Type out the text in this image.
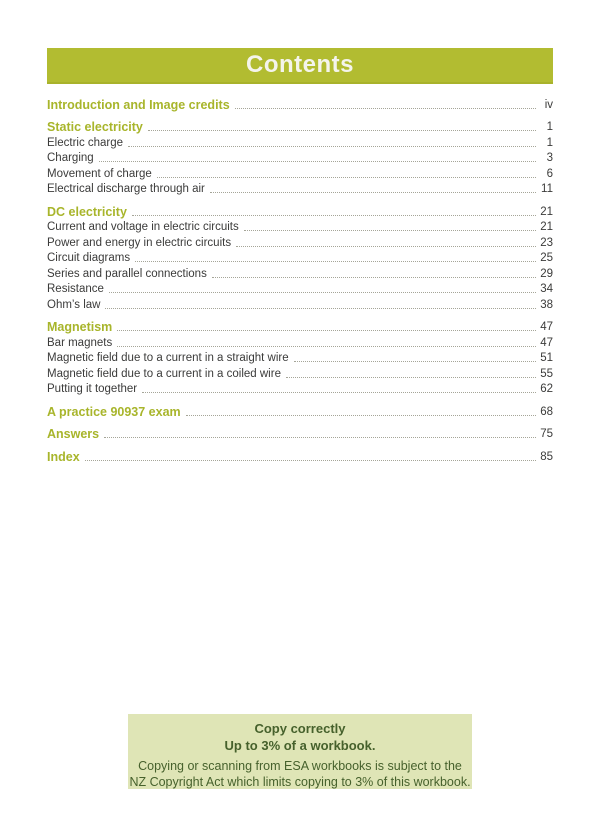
Contents
Introduction and Image credits	iv
Static electricity	1
Electric charge	1
Charging	3
Movement of charge	6
Electrical discharge through air	11
DC electricity	21
Current and voltage in electric circuits	21
Power and energy in electric circuits	23
Circuit diagrams	25
Series and parallel connections	29
Resistance	34
Ohm’s law	38
Magnetism	47
Bar magnets	47
Magnetic field due to a current in a straight wire	51
Magnetic field due to a current in a coiled wire	55
Putting it together	62
A practice 90937 exam	68
Answers	75
Index	85
Copy correctly
Up to 3% of a workbook.
Copying or scanning from ESA workbooks is subject to the
NZ Copyright Act which limits copying to 3% of this workbook.
